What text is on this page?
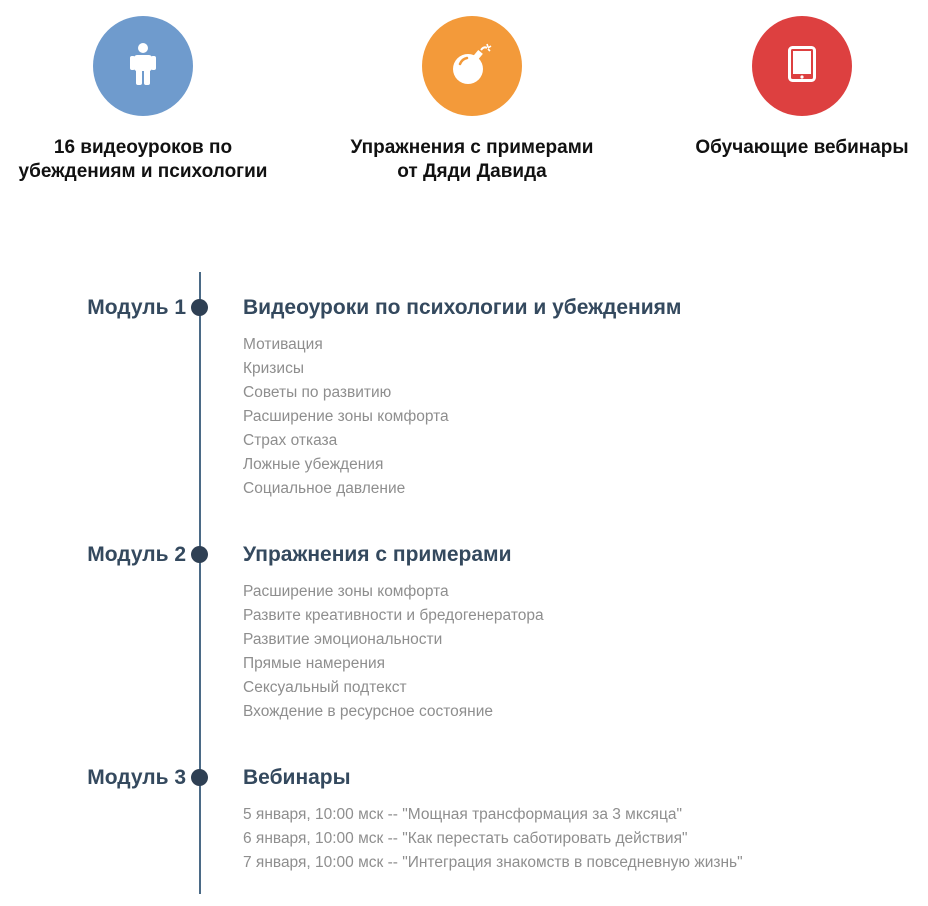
16 видеоуроков по
убеждениям и психологии
Упражнения с примерами
от Дяди Давида
Обучающие вебинары
Модуль 1	Видеоуроки по психологии и убеждениям
Мотивация
Кризисы
Советы по развитию
Расширение зоны комфорта
Страх отказа
Ложные убеждения
Социальное давление
Модуль 2	Упражнения с примерами
Расширение зоны комфорта
Развите креативности и бредогенератора
Развитие эмоциональности
Прямые намерения
Сексуальный подтекст
Вхождение в ресурсное состояние
Модуль 3	Вебинары
5 января, 10:00 мск -- "Мощная трансформация за 3 мксяца"
6 января, 10:00 мск -- "Как перестать саботировать действия"
7 января, 10:00 мск -- "Интеграция знакомств в повседневную жизнь"
